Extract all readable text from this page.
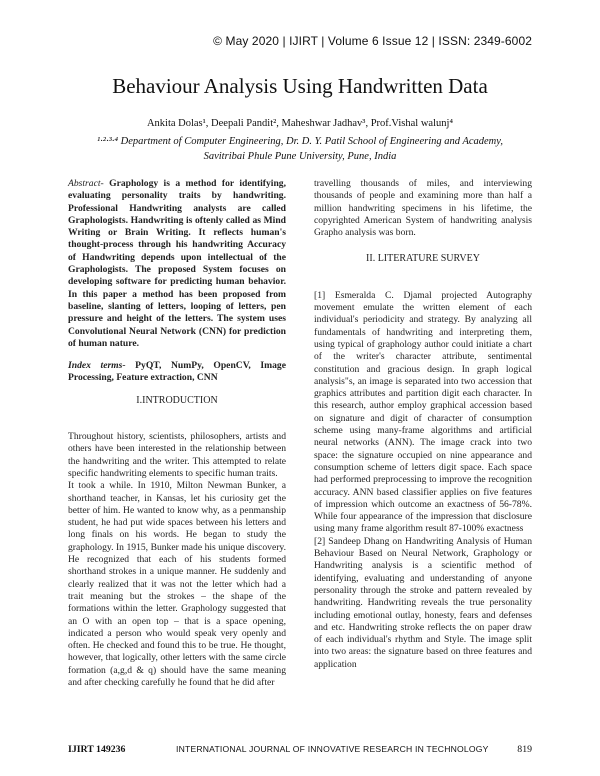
© May 2020 | IJIRT | Volume 6 Issue 12 | ISSN: 2349-6002
Behaviour Analysis Using Handwritten Data
Ankita Dolas¹, Deepali Pandit², Maheshwar Jadhav³, Prof.Vishal walunj⁴
¹·²·³·⁴ Department of Computer Engineering, Dr. D. Y. Patil School of Engineering and Academy,
Savitribai Phule Pune University, Pune, India

Abstract- Graphology is a method for identifying, evaluating personality traits by handwriting. Professional Handwriting analysts are called Graphologists. Handwriting is oftenly called as Mind Writing or Brain Writing. It reflects human's thought-process through his handwriting Accuracy of Handwriting depends upon intellectual of the Graphologists. The proposed System focuses on developing software for predicting human behavior. In this paper a method has been proposed from baseline, slanting of letters, looping of letters, pen pressure and height of the letters. The system uses Convolutional Neural Network (CNN) for prediction of human nature.

Index terms- PyQT, NumPy, OpenCV, Image Processing, Feature extraction, CNN

I.INTRODUCTION

Throughout history, scientists, philosophers, artists and others have been interested in the relationship between the handwriting and the writer. This attempted to relate specific handwriting elements to specific human traits.

It took a while. In 1910, Milton Newman Bunker, a shorthand teacher, in Kansas, let his curiosity get the better of him. He wanted to know why, as a penmanship student, he had put wide spaces between his letters and long finals on his words. He began to study the graphology. In 1915, Bunker made his unique discovery. He recognized that each of his students formed shorthand strokes in a unique manner. He suddenly and clearly realized that it was not the letter which had a trait meaning but the strokes – the shape of the formations within the letter. Graphology suggested that an O with an open top – that is a space opening, indicated a person who would speak very openly and often. He checked and found this to be true. He thought, however, that logically, other letters with the same circle formation (a,g,d & q) should have the same meaning and after checking carefully he found that he did after

travelling thousands of miles, and interviewing thousands of people and examining more than half a million handwriting specimens in his lifetime, the copyrighted American System of handwriting analysis Grapho analysis was born.

II. LITERATURE SURVEY

[1] Esmeralda C. Djamal projected Autography movement emulate the written element of each individual's periodicity and strategy. By analyzing all fundamentals of handwriting and interpreting them, using typical of graphology author could initiate a chart of the writer's character attribute, sentimental constitution and gracious design. In graph logical analysis"s, an image is separated into two accession that graphics attributes and partition digit each character. In this research, author employ graphical accession based on signature and digit of character of consumption scheme using many-frame algorithms and artificial neural networks (ANN). The image crack into two space: the signature occupied on nine appearance and consumption scheme of letters digit space. Each space had performed preprocessing to improve the recognition accuracy. ANN based classifier applies on five features of impression which outcome an exactness of 56-78%. While four appearance of the impression that disclosure using many frame algorithm result 87-100% exactness

[2] Sandeep Dhang on Handwriting Analysis of Human Behaviour Based on Neural Network, Graphology or Handwriting analysis is a scientific method of identifying, evaluating and understanding of anyone personality through the stroke and pattern revealed by handwriting. Handwriting reveals the true personality including emotional outlay, honesty, fears and defenses and etc. Handwriting stroke reflects the on paper draw of each individual's rhythm and Style. The image split into two areas: the signature based on three features and application

IJIRT 149236	INTERNATIONAL JOURNAL OF INNOVATIVE RESEARCH IN TECHNOLOGY	819
